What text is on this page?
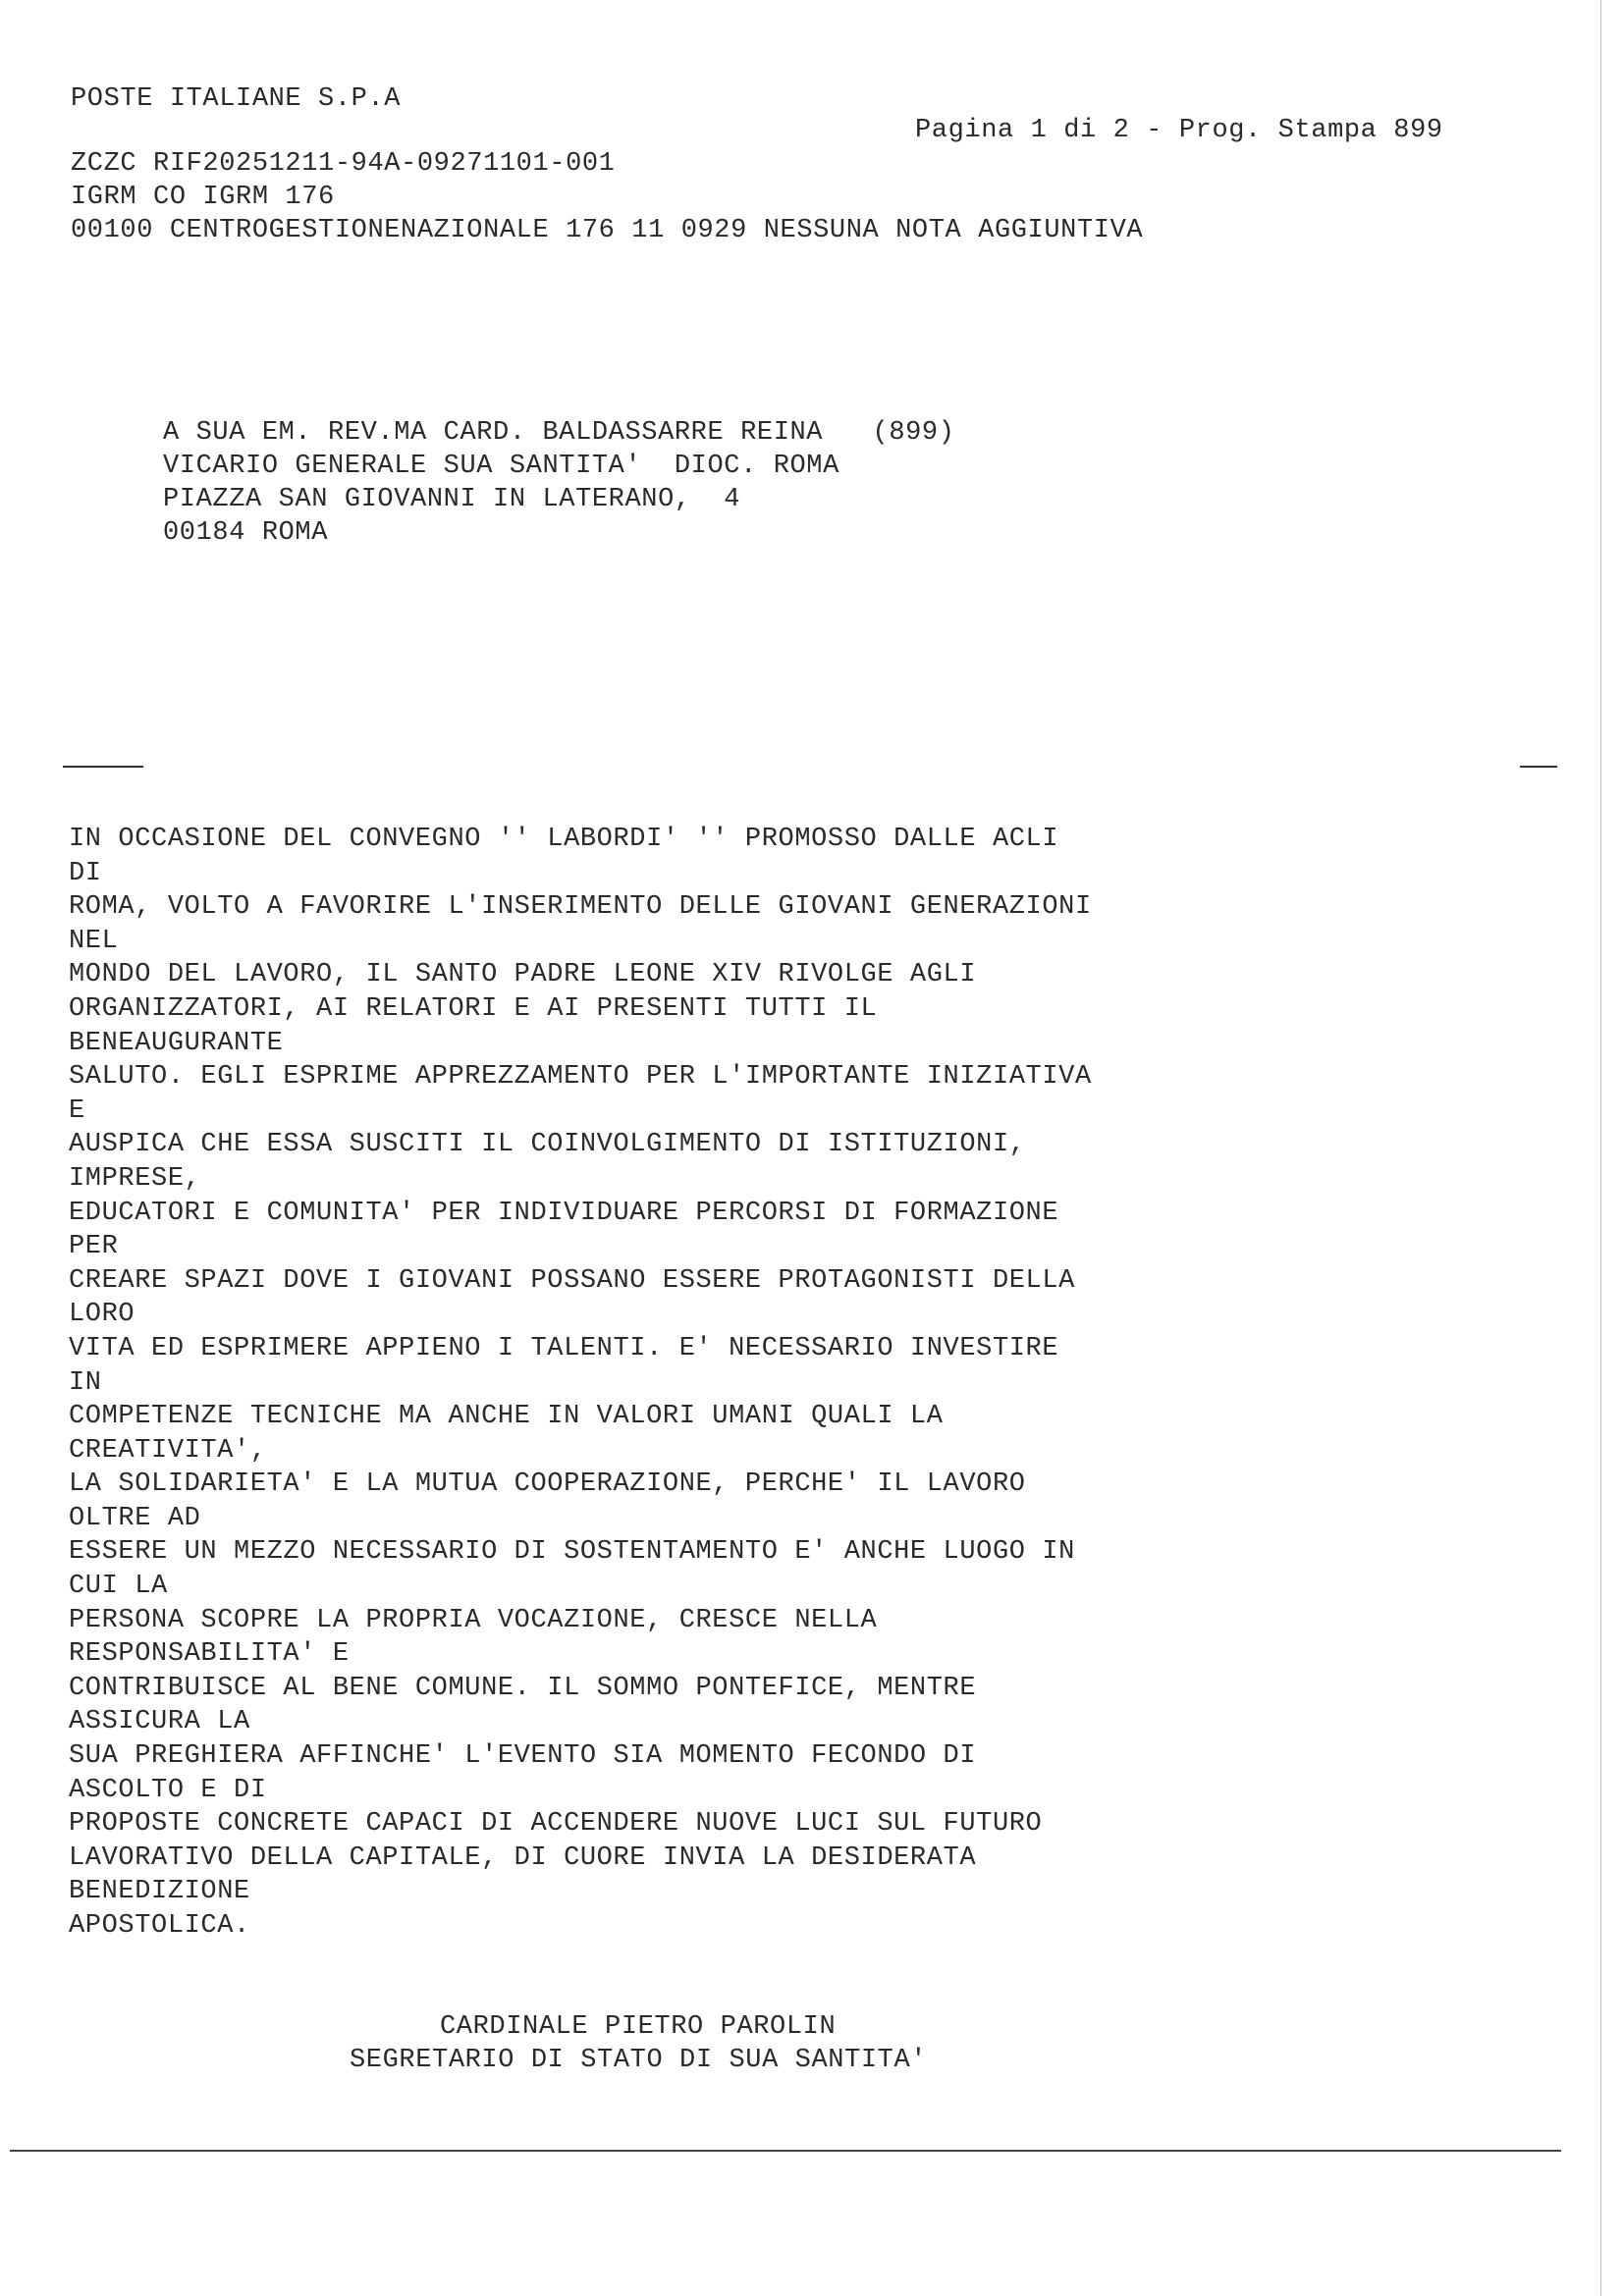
POSTE ITALIANE S.P.A
Pagina 1 di 2 - Prog. Stampa 899
ZCZC RIF20251211-94A-09271101-001
IGRM CO IGRM 176
00100 CENTROGESTIONENAZIONALE 176 11 0929 NESSUNA NOTA AGGIUNTIVA
A SUA EM. REV.MA CARD. BALDASSARRE REINA   (899)
VICARIO GENERALE SUA SANTITA'  DIOC. ROMA
PIAZZA SAN GIOVANNI IN LATERANO,  4
00184 ROMA
IN OCCASIONE DEL CONVEGNO '' LABORDI' '' PROMOSSO DALLE ACLI
DI
ROMA, VOLTO A FAVORIRE L'INSERIMENTO DELLE GIOVANI GENERAZIONI
NEL
MONDO DEL LAVORO, IL SANTO PADRE LEONE XIV RIVOLGE AGLI
ORGANIZZATORI, AI RELATORI E AI PRESENTI TUTTI IL
BENEAUGURANTE
SALUTO. EGLI ESPRIME APPREZZAMENTO PER L'IMPORTANTE INIZIATIVA
E
AUSPICA CHE ESSA SUSCITI IL COINVOLGIMENTO DI ISTITUZIONI,
IMPRESE,
EDUCATORI E COMUNITA' PER INDIVIDUARE PERCORSI DI FORMAZIONE
PER
CREARE SPAZI DOVE I GIOVANI POSSANO ESSERE PROTAGONISTI DELLA
LORO
VITA ED ESPRIMERE APPIENO I TALENTI. E' NECESSARIO INVESTIRE
IN
COMPETENZE TECNICHE MA ANCHE IN VALORI UMANI QUALI LA
CREATIVITA',
LA SOLIDARIETA' E LA MUTUA COOPERAZIONE, PERCHE' IL LAVORO
OLTRE AD
ESSERE UN MEZZO NECESSARIO DI SOSTENTAMENTO E' ANCHE LUOGO IN
CUI LA
PERSONA SCOPRE LA PROPRIA VOCAZIONE, CRESCE NELLA
RESPONSABILITA' E
CONTRIBUISCE AL BENE COMUNE. IL SOMMO PONTEFICE, MENTRE
ASSICURA LA
SUA PREGHIERA AFFINCHE' L'EVENTO SIA MOMENTO FECONDO DI
ASCOLTO E DI
PROPOSTE CONCRETE CAPACI DI ACCENDERE NUOVE LUCI SUL FUTURO
LAVORATIVO DELLA CAPITALE, DI CUORE INVIA LA DESIDERATA
BENEDIZIONE
APOSTOLICA.
CARDINALE PIETRO PAROLIN
SEGRETARIO DI STATO DI SUA SANTITA'
